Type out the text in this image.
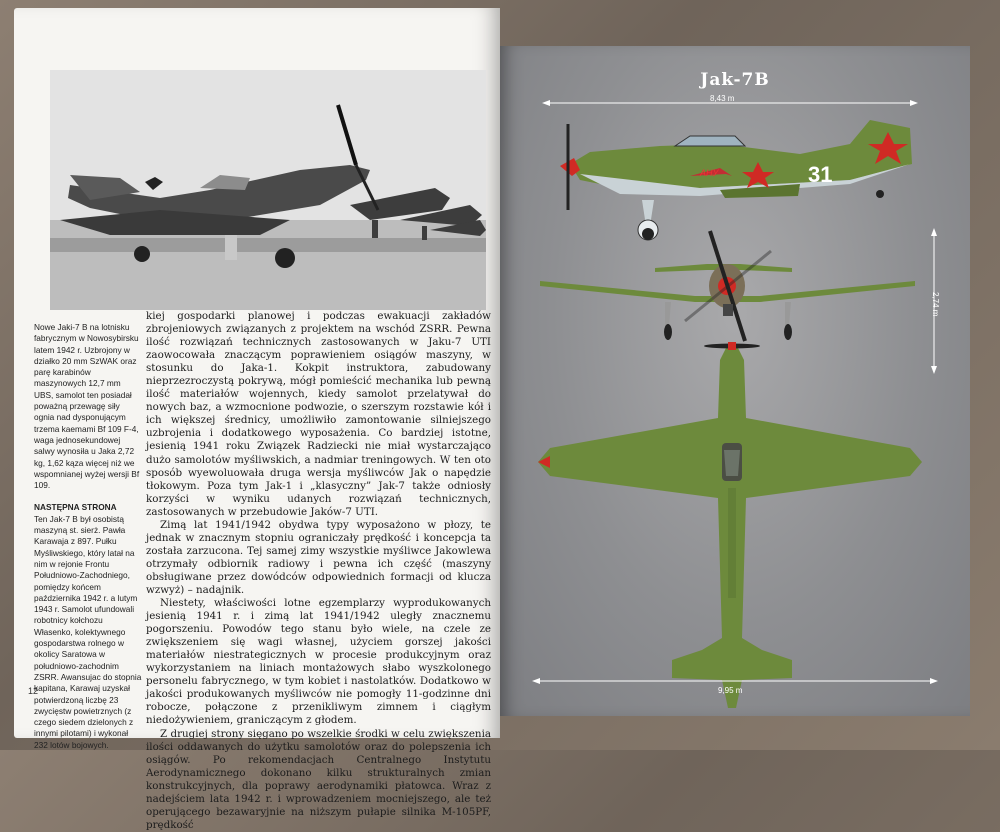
Nowe Jaki-7 B na lotnisku fabrycznym w Nowosybirsku latem 1942 r. Uzbrojony w działko 20 mm SzWAK oraz parę karabinów maszynowych 12,7 mm UBS, samolot ten posiadał poważną przewagę siły ognia nad dysponującym trzema kaemami Bf 109 F-4, waga jednosekundowej salwy wynosiła u Jaka 2,72 kg, 1,62 kąza więcej niż we wspomnianej wyżej wersji Bf 109.
NASTĘPNA STRONA
Ten Jak-7 B był osobistą maszyną st. sierż. Pawła Karawaja z 897. Pułku Myśliwskiego, który latał na nim w rejonie Frontu Południowo-Zachodniego, pomiędzy końcem października 1942 r. a lutym 1943 r. Samolot ufundowali robotnicy kołchozu Własenko, kolektywnego gospodarstwa rolnego w okolicy Saratowa w południowo-zachodnim ZSRR. Awansujac do stopnia kapitana, Karawaj uzyskał potwierdzoną liczbę 23 zwycięstw powietrznych (z czego siedem dzielonych z innymi pilotami) i wykonał 232 lotów bojowych.

kiej gospodarki planowej i podczas ewakuacji zakładów zbrojeniowych związanych z projektem na wschód ZSRR. Pewna ilość rozwiązań technicznych zastosowanych w Jaku-7 UTI zaowocowała znaczącym poprawieniem osiągów maszyny, w stosunku do Jaka-1. Kokpit instruktora, zabudowany nieprzezroczystą pokrywą, mógł pomieścić mechanika lub pewną ilość materiałów wojennych, kiedy samolot przelatywał do nowych baz, a wzmocnione podwozie, o szerszym rozstawie kół i ich większej średnicy, umożliwiło zamontowanie silniejszego uzbrojenia i dodatkowego wyposażenia. Co bardziej istotne, jesienią 1941 roku Związek Radziecki nie miał wystarczająco dużo samolotów myśliwskich, a nadmiar treningowych. W ten oto sposób wyewoluowała druga wersja myśliwców Jak o napędzie tłokowym. Poza tym Jak-1 i „klasyczny” Jak-7 także odniosły korzyści w wyniku udanych rozwiązań technicznych, zastosowanych w przebudowie Jaków-7 UTI.

Zimą lat 1941/1942 obydwa typy wyposażono w płozy, te jednak w znacznym stopniu ograniczały prędkość i koncepcja ta została zarzucona. Tej samej zimy wszystkie myśliwce Jakowlewa otrzymały odbiornik radiowy i pewna ich część (maszyny obsługiwane przez dowódców odpowiednich formacji od klucza wzwyż) – nadajnik.

Niestety, właściwości lotne egzemplarzy wyprodukowanych jesienią 1941 r. i zimą lat 1941/1942 uległy znacznemu pogorszeniu. Powodów tego stanu było wiele, na czele ze zwiększeniem się wagi własnej, użyciem gorszej jakości materiałów niestrategicznych w procesie produkcyjnym oraz wykorzystaniem na liniach montażowych słabo wyszkolonego personelu fabrycznego, w tym kobiet i nastolatków. Dodatkowo w jakości produkowanych myśliwców nie pomogły 11-godzinne dni robocze, połączone z przenikliwym zimnem i ciągłym niedożywieniem, graniczącym z głodem.

Z drugiej strony sięgano po wszelkie środki w celu zwiększenia ilości oddawanych do użytku samolotów oraz do polepszenia ich osiągów. Po rekomendacjach Centralnego Instytutu Aerodynamicznego dokonano kilku strukturalnych zmian konstrukcyjnych, dla poprawy aerodynamiki płatowca. Wraz z nadejściem lata 1942 r. i wprowadzeniem mocniejszego, ale też operującego bezawaryjnie na niższym pułapie silnika M-105PF, prędkość

12
Jak-7B
8,43 m
АНУ	31
2,74 m
9,95 m
